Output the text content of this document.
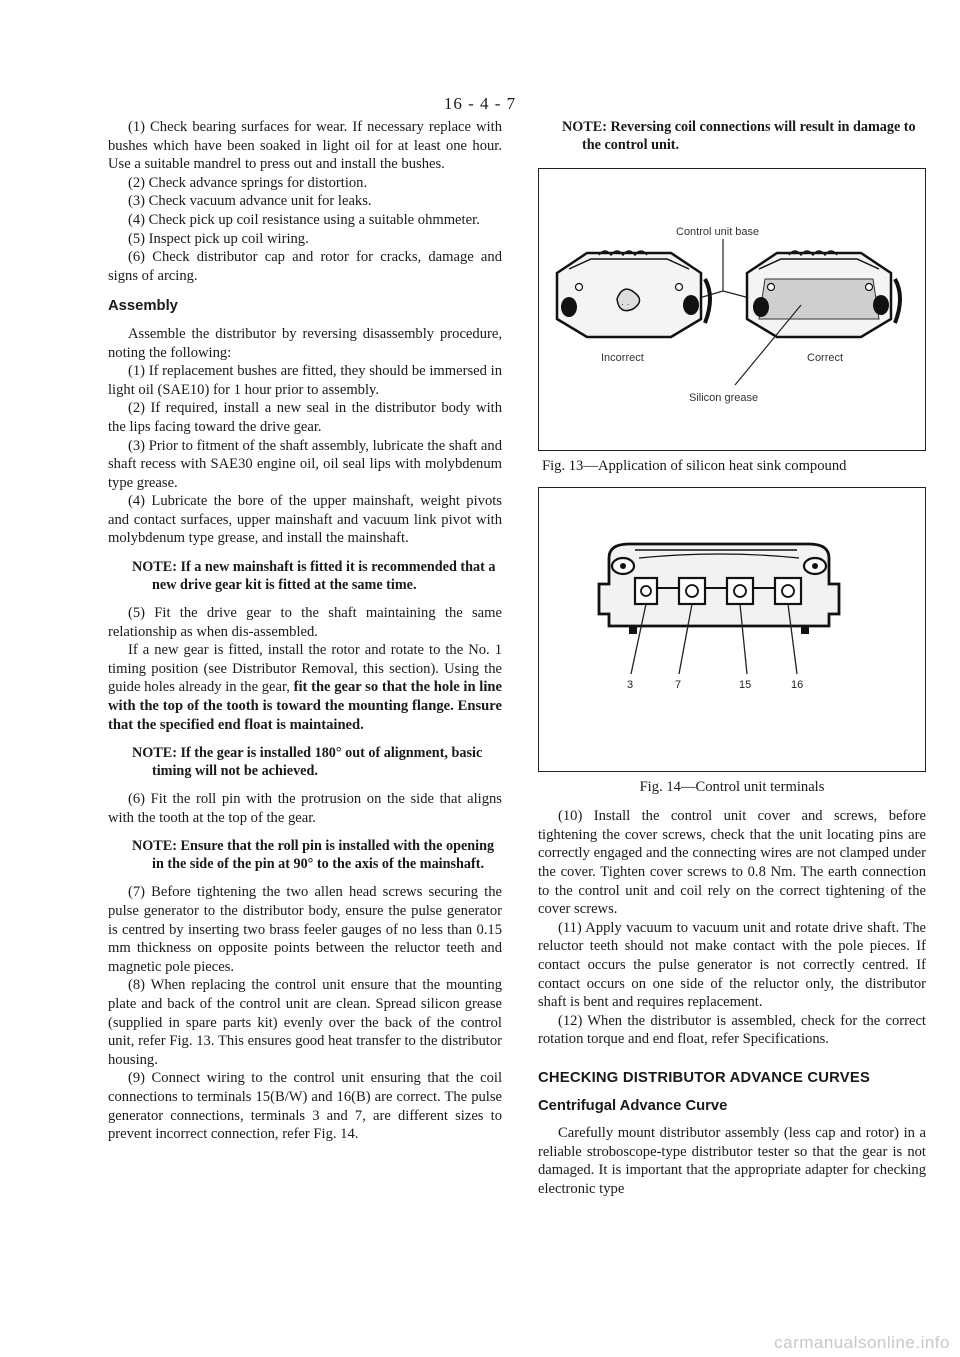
16 - 4 - 7

(1) Check bearing surfaces for wear. If necessary replace with bushes which have been soaked in light oil for at least one hour. Use a suitable mandrel to press out and install the bushes.

(2) Check advance springs for distortion.

(3) Check vacuum advance unit for leaks.

(4) Check pick up coil resistance using a suitable ohmmeter.

(5) Inspect pick up coil wiring.

(6) Check distributor cap and rotor for cracks, damage and signs of arcing.

Assembly

Assemble the distributor by reversing disassembly procedure, noting the following:

(1) If replacement bushes are fitted, they should be immersed in light oil (SAE10) for 1 hour prior to assembly.

(2) If required, install a new seal in the distributor body with the lips facing toward the drive gear.

(3) Prior to fitment of the shaft assembly, lubricate the shaft and shaft recess with SAE30 engine oil, oil seal lips with molybdenum type grease.

(4) Lubricate the bore of the upper mainshaft, weight pivots and contact surfaces, upper mainshaft and vacuum link pivot with molybdenum type grease, and install the mainshaft.

NOTE: If a new mainshaft is fitted it is recommended that a new drive gear kit is fitted at the same time.

(5) Fit the drive gear to the shaft maintaining the same relationship as when dis-assembled.

If a new gear is fitted, install the rotor and rotate to the No. 1 timing position (see Distributor Removal, this section). Using the guide holes already in the gear, fit the gear so that the hole in line with the top of the tooth is toward the mounting flange. Ensure that the specified end float is maintained.

NOTE: If the gear is installed 180° out of alignment, basic timing will not be achieved.

(6) Fit the roll pin with the protrusion on the side that aligns with the tooth at the top of the gear.

NOTE: Ensure that the roll pin is installed with the opening in the side of the pin at 90° to the axis of the mainshaft.

(7) Before tightening the two allen head screws securing the pulse generator to the distributor body, ensure the pulse generator is centred by inserting two brass feeler gauges of no less than 0.15 mm thickness on opposite points between the reluctor teeth and magnetic pole pieces.

(8) When replacing the control unit ensure that the mounting plate and back of the control unit are clean. Spread silicon grease (supplied in spare parts kit) evenly over the back of the control unit, refer Fig. 13. This ensures good heat transfer to the distributor housing.

(9) Connect wiring to the control unit ensuring that the coil connections to terminals 15(B/W) and 16(B) are correct. The pulse generator connections, terminals 3 and 7, are different sizes to prevent incorrect connection, refer Fig. 14.

NOTE: Reversing coil connections will result in damage to the control unit.

Control unit base
· ·
Incorrect	Correct
Silicon grease
Fig. 13—Application of silicon heat sink compound
3	7	15	16
Fig. 14—Control unit terminals

(10) Install the control unit cover and screws, before tightening the cover screws, check that the unit locating pins are correctly engaged and the connecting wires are not clamped under the cover. Tighten cover screws to 0.8 Nm. The earth connection to the control unit and coil rely on the correct tightening of the cover screws.

(11) Apply vacuum to vacuum unit and rotate drive shaft. The reluctor teeth should not make contact with the pole pieces. If contact occurs the pulse generator is not correctly centred. If contact occurs on one side of the reluctor only, the distributor shaft is bent and requires replacement.

(12) When the distributor is assembled, check for the correct rotation torque and end float, refer Specifications.

CHECKING DISTRIBUTOR ADVANCE CURVES
Centrifugal Advance Curve

Carefully mount distributor assembly (less cap and rotor) in a reliable stroboscope-type distributor tester so that the gear is not damaged. It is important that the appropriate adapter for checking electronic type

carmanualsonline.info
